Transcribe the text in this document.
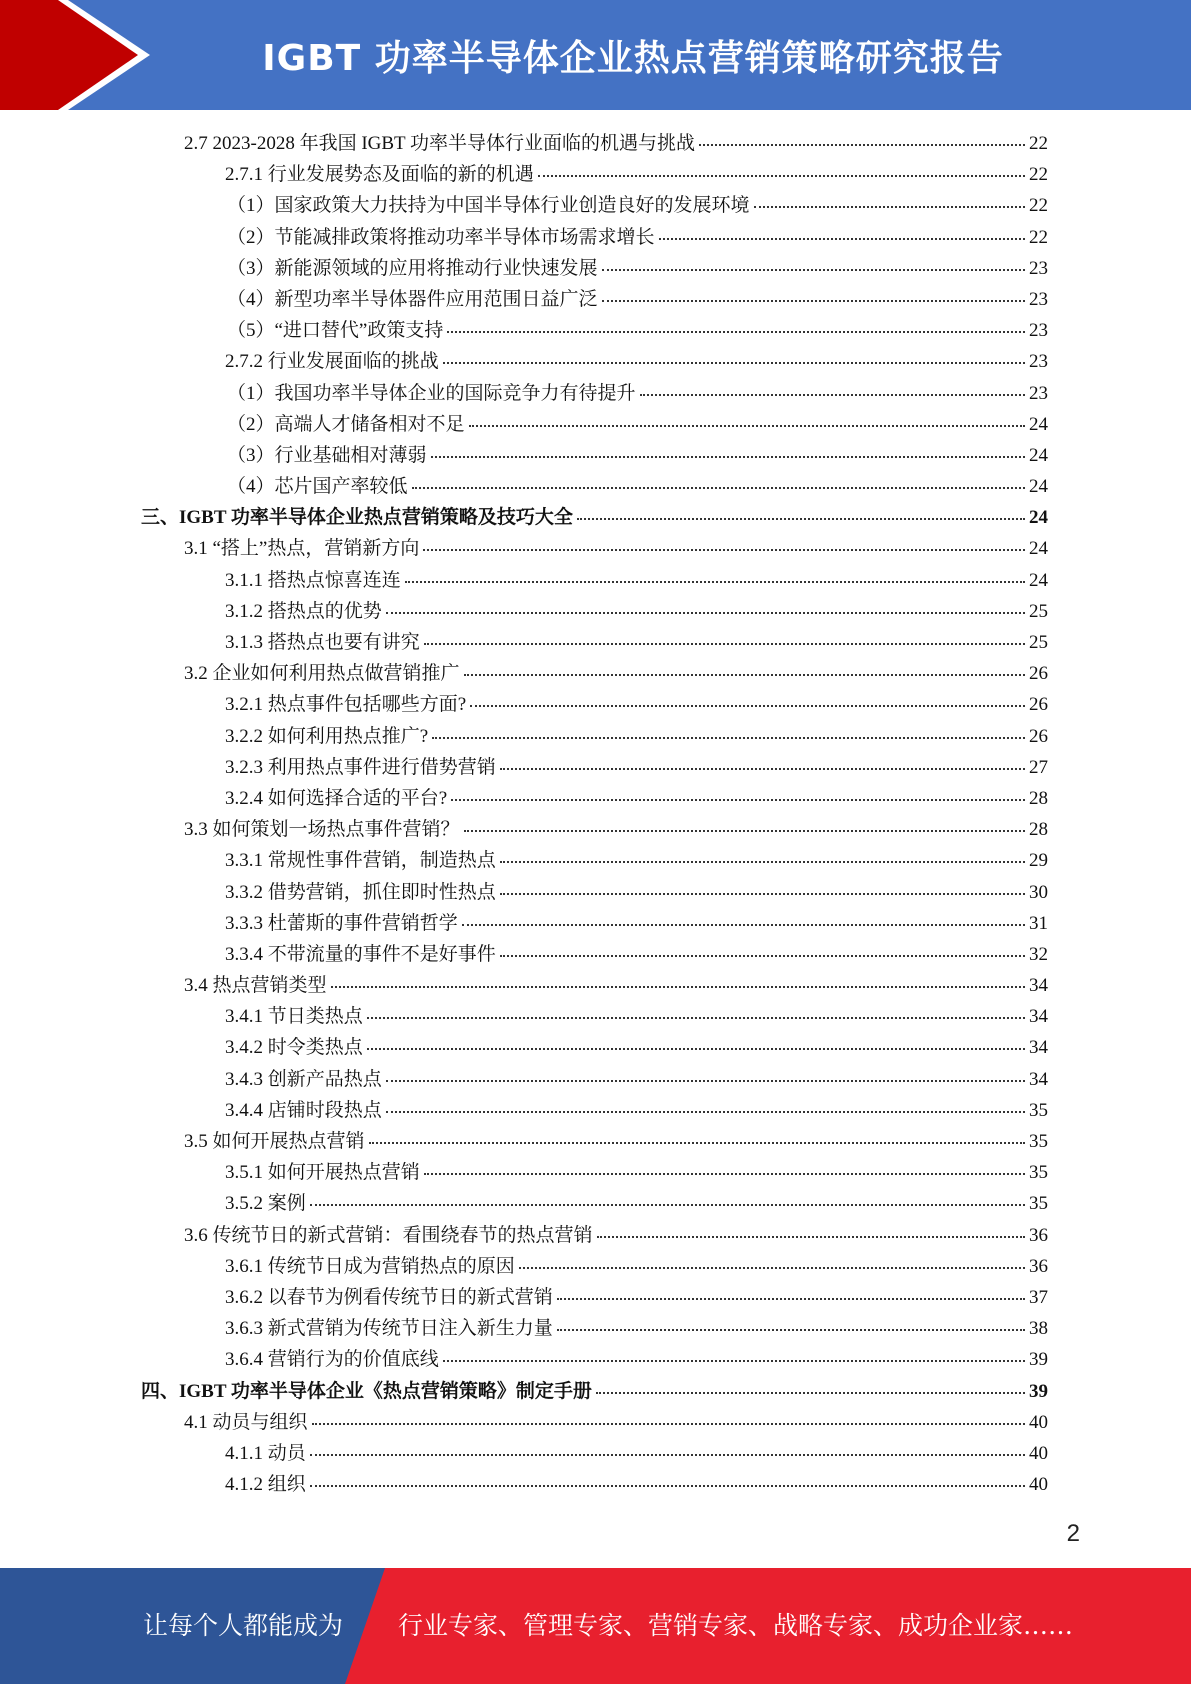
IGBT 功率半导体企业热点营销策略研究报告
2.7 2023-2028 年我国 IGBT 功率半导体行业面临的机遇与挑战	22
2.7.1 行业发展势态及面临的新的机遇	22
（1）国家政策大力扶持为中国半导体行业创造良好的发展环境	22
（2）节能减排政策将推动功率半导体市场需求增长	22
（3）新能源领域的应用将推动行业快速发展	23
（4）新型功率半导体器件应用范围日益广泛	23
（5）“进口替代”政策支持	23
2.7.2 行业发展面临的挑战	23
（1）我国功率半导体企业的国际竞争力有待提升	23
（2）高端人才储备相对不足	24
（3）行业基础相对薄弱	24
（4）芯片国产率较低	24
三、IGBT 功率半导体企业热点营销策略及技巧大全	24
3.1 “搭上”热点，营销新方向	24
3.1.1 搭热点惊喜连连	24
3.1.2 搭热点的优势	25
3.1.3 搭热点也要有讲究	25
3.2 企业如何利用热点做营销推广	26
3.2.1 热点事件包括哪些方面?	26
3.2.2 如何利用热点推广?	26
3.2.3 利用热点事件进行借势营销	27
3.2.4 如何选择合适的平台?	28
3.3 如何策划一场热点事件营销？	28
3.3.1 常规性事件营销，制造热点	29
3.3.2 借势营销，抓住即时性热点	30
3.3.3 杜蕾斯的事件营销哲学	31
3.3.4 不带流量的事件不是好事件	32
3.4 热点营销类型	34
3.4.1 节日类热点	34
3.4.2 时令类热点	34
3.4.3 创新产品热点	34
3.4.4 店铺时段热点	35
3.5 如何开展热点营销	35
3.5.1 如何开展热点营销	35
3.5.2 案例	35
3.6 传统节日的新式营销：看围绕春节的热点营销	36
3.6.1 传统节日成为营销热点的原因	36
3.6.2 以春节为例看传统节日的新式营销	37
3.6.3 新式营销为传统节日注入新生力量	38
3.6.4 营销行为的价值底线	39
四、IGBT 功率半导体企业《热点营销策略》制定手册	39
4.1 动员与组织	40
4.1.1 动员	40
4.1.2 组织	40
2
让每个人都能成为 行业专家、管理专家、营销专家、战略专家、成功企业家……
